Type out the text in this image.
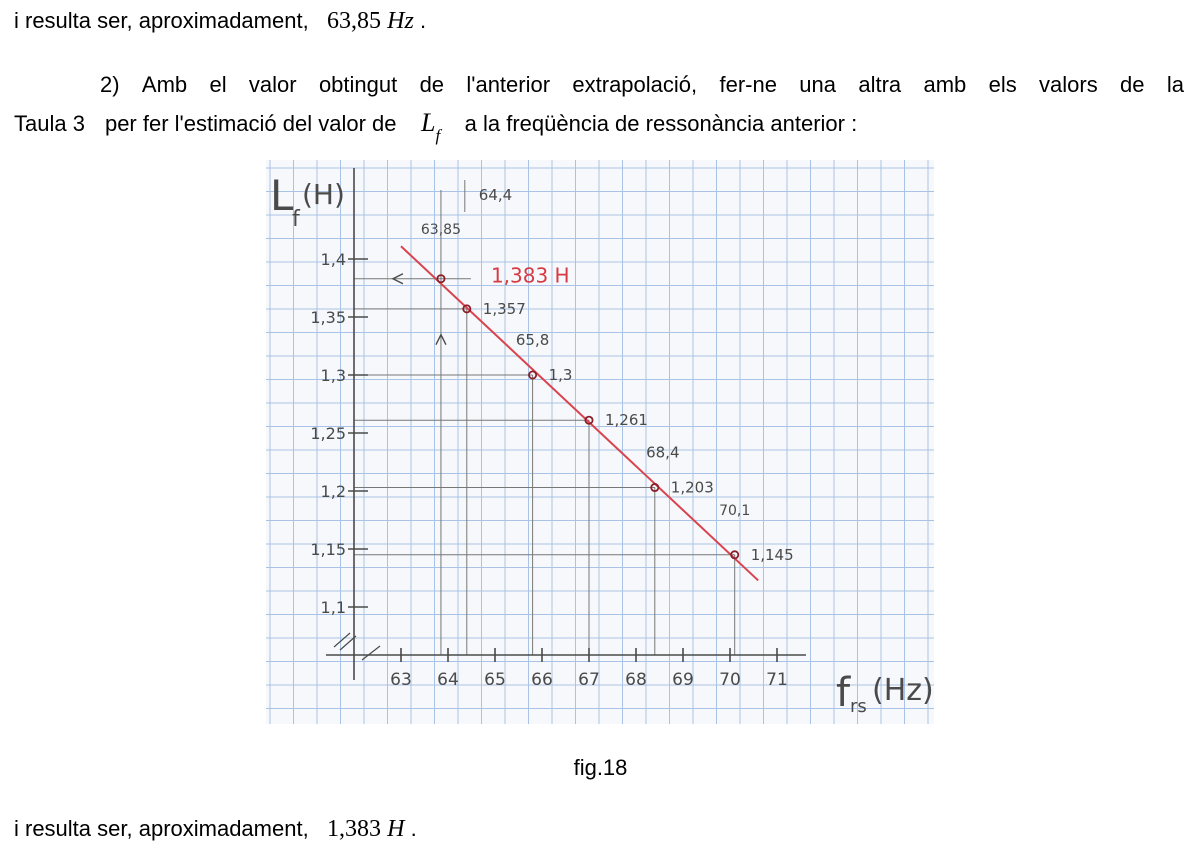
i resulta ser, aproximadament, 63,85 Hz .
2) Amb el valor obtingut de l'anterior extrapolació, fer-ne una altra amb els valors de la
Taula 3 per fer l'estimació del valor de $L_f$ a la freqüència de ressonància anterior :
63 64 65 66 67 68 69 70 71
1,1
1,15
1,2
1,25
1,3
1,35
1,4
1,357
1,3
1,261
1,203
1,145
64,4
65,8
68,4
70,1
63,85
1,383 H
L
f
(H)
f rs (Hz)
fig.18
i resulta ser, aproximadament, 1,383 H .
